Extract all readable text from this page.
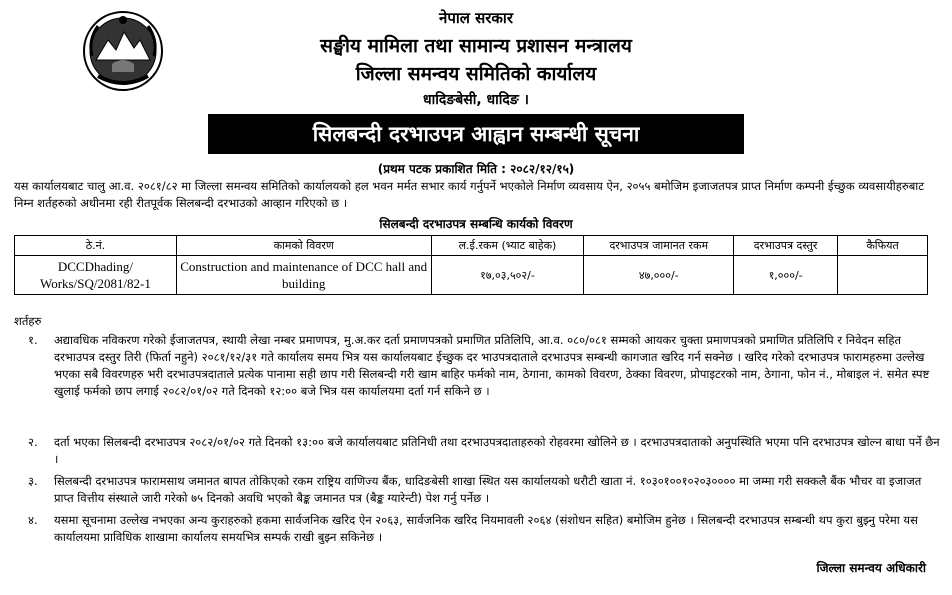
नेपाल सरकार
सङ्घीय मामिला तथा सामान्य प्रशासन मन्त्रालय
जिल्ला समन्वय समितिको कार्यालय
धादिङबेसी, धादिङ ।
सिलबन्दी दरभाउपत्र आह्वान सम्बन्धी सूचना
(प्रथम पटक प्रकाशित मिति : २०८२/१२/१५)
यस कार्यालयबाट चालु आ.व. २०८१/८२ मा जिल्ला समन्वय समितिको कार्यालयको हल भवन मर्मत सभार कार्य गर्नुपर्ने भएकोले निर्माण व्यवसाय ऐन, २०५५ बमोजिम इजाजतपत्र प्राप्त निर्माण कम्पनी ईच्छुक व्यवसायीहरुबाट निम्न शर्तहरुको अधीनमा रही रीतपूर्वक सिलबन्दी दरभाउको आव्हान गरिएको छ ।
सिलबन्दी दरभाउपत्र सम्बन्धि कार्यको विवरण
ठे.नं.	कामको विवरण	ल.ई.रकम (भ्याट बाहेक)	दरभाउपत्र जामानत रकम	दरभाउपत्र दस्तुर	कैफियत
DCCDhading/ Works/SQ/2081/82-1	Construction and maintenance of DCC hall and building	१७,०३,५०२/-	४७,०००/-	१,०००/-	
शर्तहरु
१. अद्यावधिक नविकरण गरेको ईजाजतपत्र, स्थायी लेखा नम्बर प्रमाणपत्र, मु.अ.कर दर्ता प्रमाणपत्रको प्रमाणित प्रतिलिपि, आ.व. ०८०/०८१ सम्मको आयकर चुक्ता प्रमाणपत्रको प्रमाणित प्रतिलिपि र निवेदन सहित दरभाउपत्र दस्तुर तिरी (फिर्ता नहुने) २०८१/१२/३१ गते कार्यालय समय भित्र यस कार्यालयबाट ईच्छुक दर भाउपत्रदाताले दरभाउपत्र सम्बन्धी कागजात खरिद गर्न सक्नेछ । खरिद गरेको दरभाउपत्र फारामहरुमा उल्लेख भएका सबै विवरणहरु भरी दरभाउपत्रदाताले प्रत्येक पानामा सही छाप गरी सिलबन्दी गरी खाम बाहिर फर्मको नाम, ठेगाना, कामको विवरण, ठेक्का विवरण, प्रोपाइटरको नाम, ठेगाना, फोन नं., मोबाइल नं. समेत स्पष्ट खुलाई फर्मको छाप लगाई २०८२/०१/०२ गते दिनको १२:०० बजे भित्र यस कार्यालयमा दर्ता गर्न सकिने छ ।
२. दर्ता भएका सिलबन्दी दरभाउपत्र २०८२/०१/०२ गते दिनको १३:०० बजे कार्यालयबाट प्रतिनिधी तथा दरभाउपत्रदाताहरुको रोहवरमा खोलिने छ । दरभाउपत्रदाताको अनुपस्थिति भएमा पनि दरभाउपत्र खोल्न बाधा पर्ने छैन ।
३. सिलबन्दी दरभाउपत्र फारामसाथ जमानत बापत तोकिएको रकम राष्ट्रिय वाणिज्य बैंक, धादिङबेसी शाखा स्थित यस कार्यालयको धरौटी खाता नं. १०३०१००१०२०३०००० मा जम्मा गरी सक्कलै बैंक भौचर वा इजाजत प्राप्त वित्तीय संस्थाले जारी गरेको ७५ दिनको अवधि भएको बैङ्क जमानत पत्र (बैङ्क ग्यारेन्टी) पेश गर्नु पर्नेछ ।
४. यसमा सूचनामा उल्लेख नभएका अन्य कुराहरुको हकमा सार्वजनिक खरिद ऐन २०६३, सार्वजनिक खरिद नियमावली २०६४ (संशोधन सहित) बमोजिम हुनेछ । सिलबन्दी दरभाउपत्र सम्बन्धी थप कुरा बुझ्नु परेमा यस कार्यालयमा प्राविधिक शाखामा कार्यालय समयभित्र सम्पर्क राखी बुझ्न सकिनेछ ।
जिल्ला समन्वय अधिकारी
